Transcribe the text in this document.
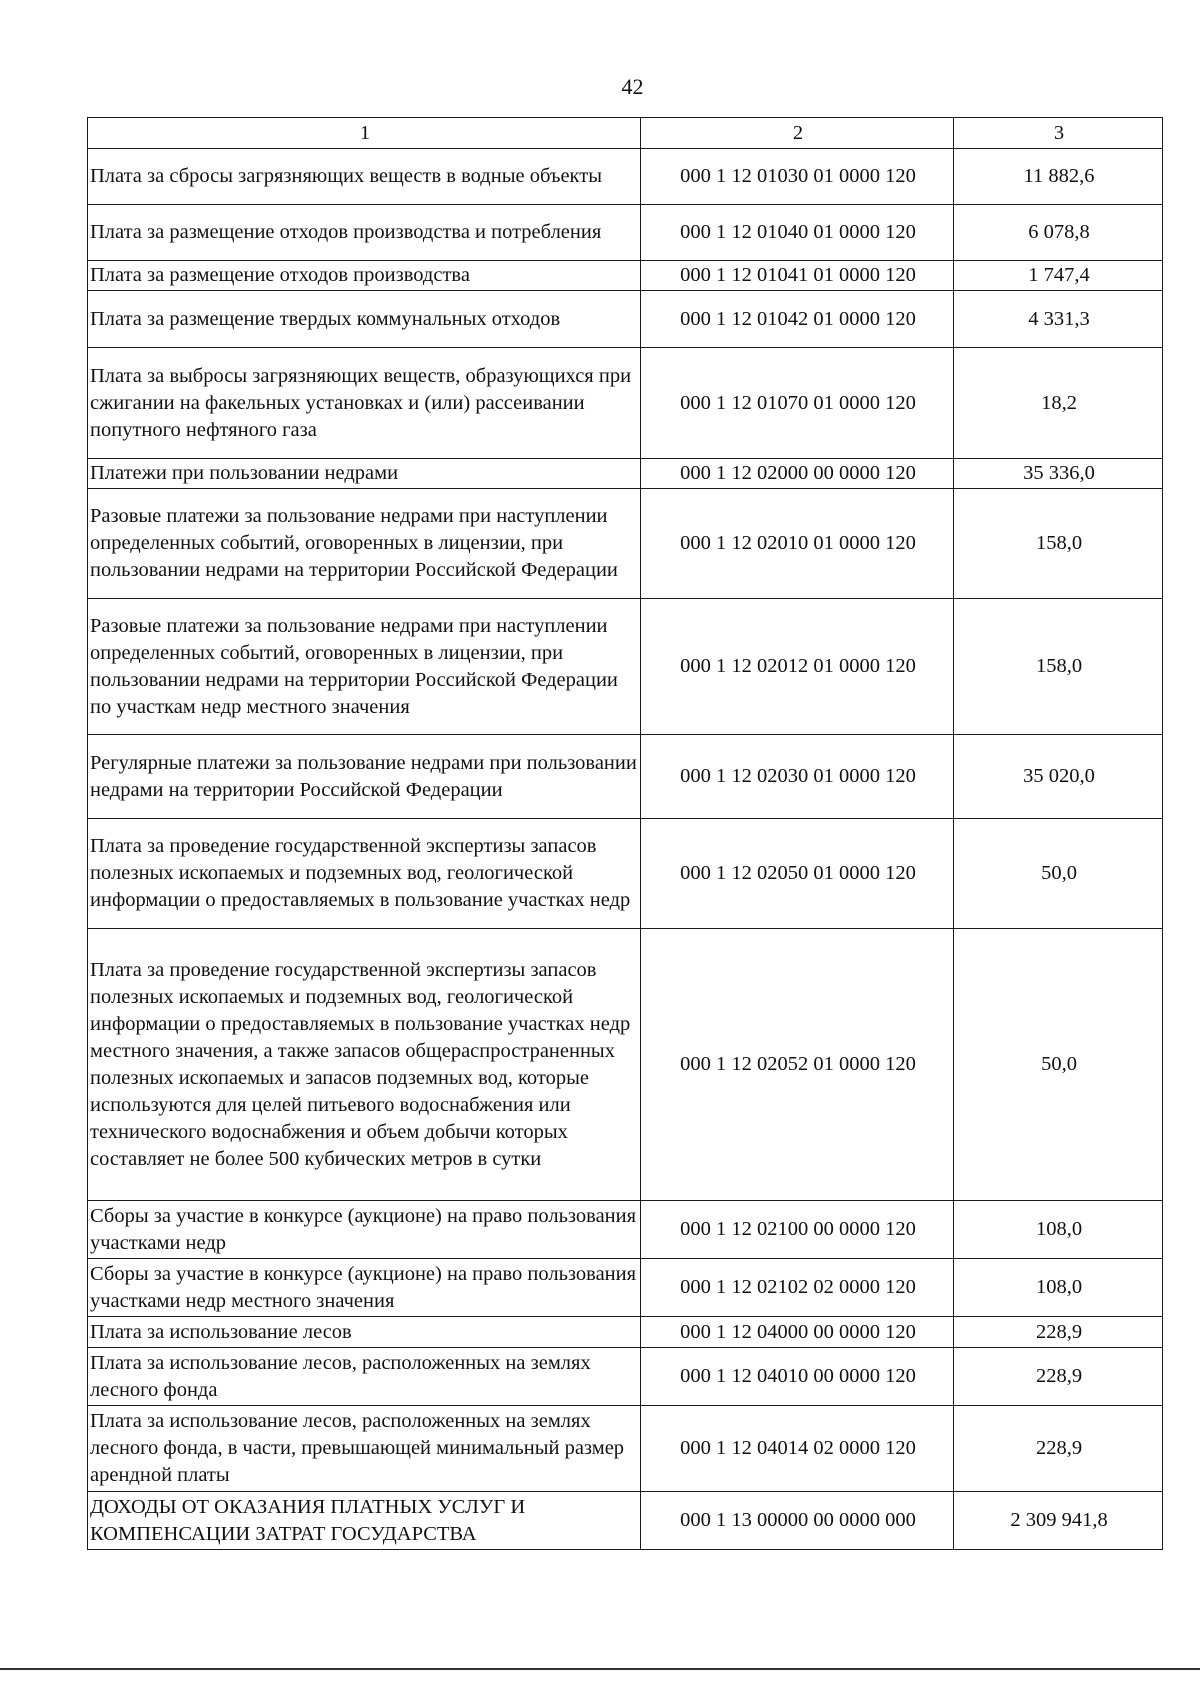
42
1	2	3
Плата за сбросы загрязняющих веществ в водные объекты	000 1 12 01030 01 0000 120	11 882,6
Плата за размещение отходов производства и потребления	000 1 12 01040 01 0000 120	6 078,8
Плата за размещение отходов производства	000 1 12 01041 01 0000 120	1 747,4
Плата за размещение твердых коммунальных отходов	000 1 12 01042 01 0000 120	4 331,3
Плата за выбросы загрязняющих веществ, образующихся при сжигании на факельных установках и (или) рассеивании попутного нефтяного газа	000 1 12 01070 01 0000 120	18,2
Платежи при пользовании недрами	000 1 12 02000 00 0000 120	35 336,0
Разовые платежи за пользование недрами при наступлении определенных событий, оговоренных в лицензии, при пользовании недрами на территории Российской Федерации	000 1 12 02010 01 0000 120	158,0
Разовые платежи за пользование недрами при наступлении определенных событий, оговоренных в лицензии, при пользовании недрами на территории Российской Федерации по участкам недр местного значения	000 1 12 02012 01 0000 120	158,0
Регулярные платежи за пользование недрами при пользовании недрами на территории Российской Федерации	000 1 12 02030 01 0000 120	35 020,0
Плата за проведение государственной экспертизы запасов полезных ископаемых и подземных вод, геологической информации о предоставляемых в пользование участках недр	000 1 12 02050 01 0000 120	50,0
Плата за проведение государственной экспертизы запасов полезных ископаемых и подземных вод, геологической информации о предоставляемых в пользование участках недр местного значения, а также запасов общераспространенных полезных ископаемых и запасов подземных вод, которые используются для целей питьевого водоснабжения или технического водоснабжения и объем добычи которых составляет не более 500 кубических метров в сутки	000 1 12 02052 01 0000 120	50,0
Сборы за участие в конкурсе (аукционе) на право пользования участками недр	000 1 12 02100 00 0000 120	108,0
Сборы за участие в конкурсе (аукционе) на право пользования участками недр местного значения	000 1 12 02102 02 0000 120	108,0
Плата за использование лесов	000 1 12 04000 00 0000 120	228,9
Плата за использование лесов, расположенных на землях лесного фонда	000 1 12 04010 00 0000 120	228,9
Плата за использование лесов, расположенных на землях лесного фонда, в части, превышающей минимальный размер арендной платы	000 1 12 04014 02 0000 120	228,9
ДОХОДЫ ОТ ОКАЗАНИЯ ПЛАТНЫХ УСЛУГ И КОМПЕНСАЦИИ ЗАТРАТ ГОСУДАРСТВА	000 1 13 00000 00 0000 000	2 309 941,8
